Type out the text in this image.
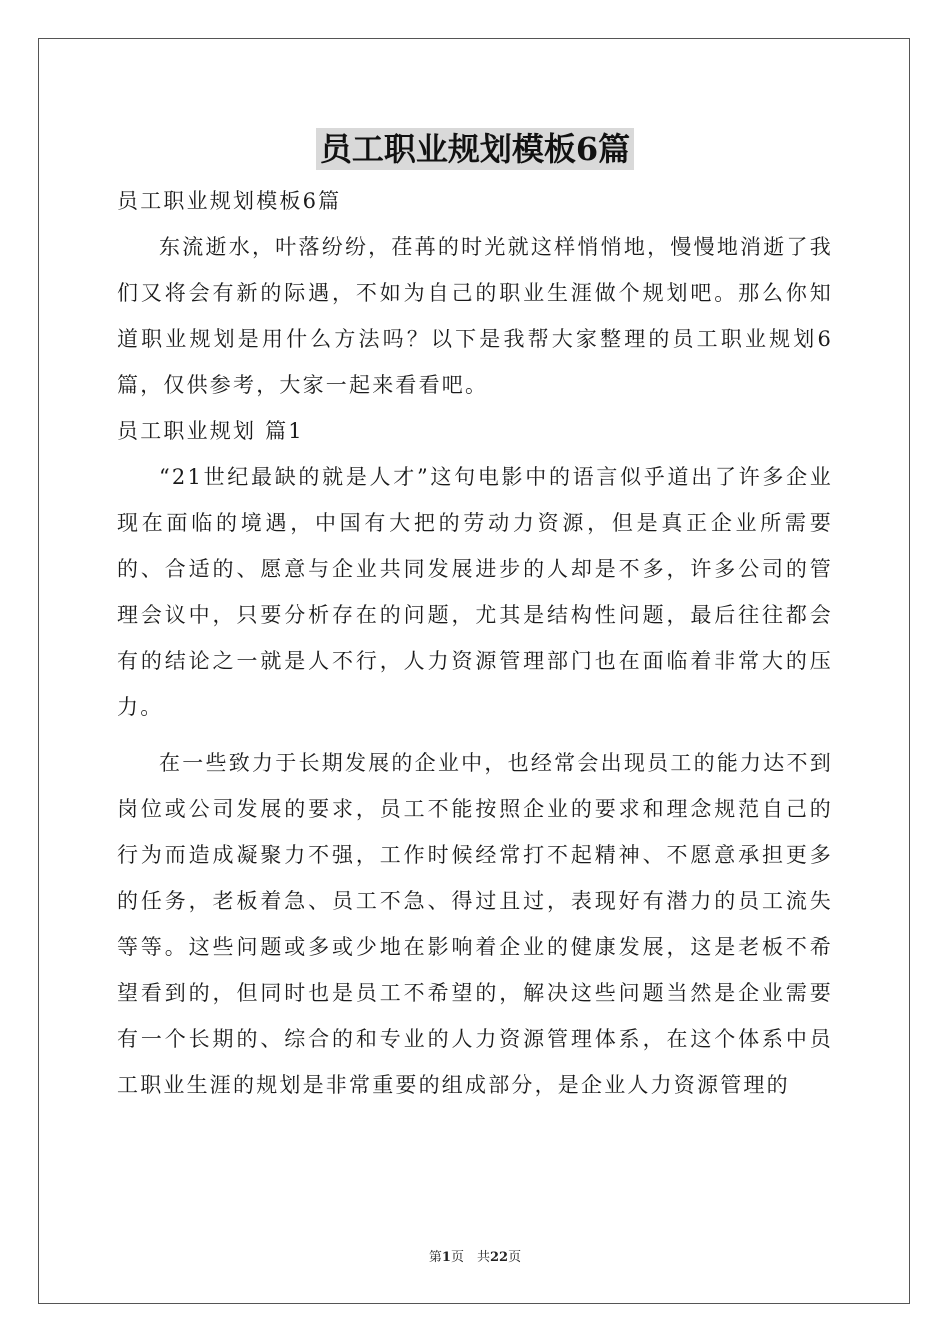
员工职业规划模板6篇

员工职业规划模板6篇

东流逝水，叶落纷纷，荏苒的时光就这样悄悄地，慢慢地消逝了我们又将会有新的际遇，不如为自己的职业生涯做个规划吧。那么你知道职业规划是用什么方法吗？以下是我帮大家整理的员工职业规划6篇，仅供参考，大家一起来看看吧。

员工职业规划 篇1

“21世纪最缺的就是人才”这句电影中的语言似乎道出了许多企业现在面临的境遇，中国有大把的劳动力资源，但是真正企业所需要的、合适的、愿意与企业共同发展进步的人却是不多，许多公司的管理会议中，只要分析存在的问题，尤其是结构性问题，最后往往都会有的结论之一就是人不行，人力资源管理部门也在面临着非常大的压力。

在一些致力于长期发展的企业中，也经常会出现员工的能力达不到岗位或公司发展的要求，员工不能按照企业的要求和理念规范自己的行为而造成凝聚力不强，工作时候经常打不起精神、不愿意承担更多的任务，老板着急、员工不急、得过且过，表现好有潜力的员工流失等等。这些问题或多或少地在影响着企业的健康发展，这是老板不希望看到的，但同时也是员工不希望的，解决这些问题当然是企业需要有一个长期的、综合的和专业的人力资源管理体系，在这个体系中员工职业生涯的规划是非常重要的组成部分，是企业人力资源管理的

第1页　共22页
